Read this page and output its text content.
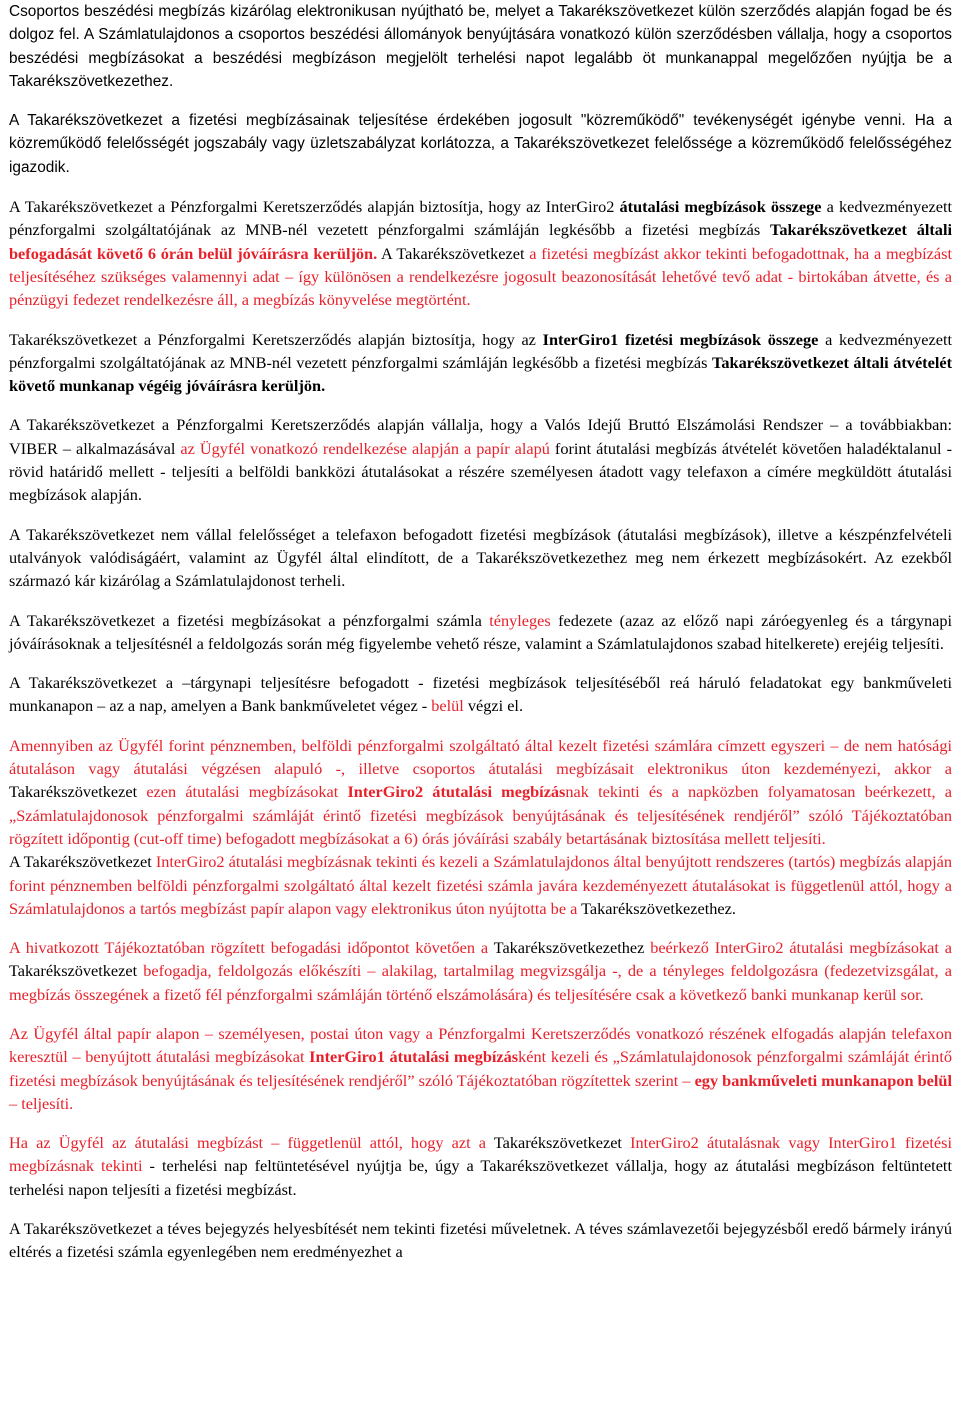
Csoportos beszédési megbízás kizárólag elektronikusan nyújtható be, melyet a Takarékszövetkezet külön szerződés alapján fogad be és dolgoz fel. A Számlatulajdonos a csoportos beszédési állományok benyújtására vonatkozó külön szerződésben vállalja, hogy a csoportos beszédési megbízásokat a beszédési megbízáson megjelölt terhelési napot legalább öt munkanappal megelőzően nyújtja be a Takarékszövetkezethez.

A Takarékszövetkezet a fizetési megbízásainak teljesítése érdekében jogosult "közreműködő" tevékenységét igénybe venni. Ha a közreműködő felelősségét jogszabály vagy üzletszabályzat korlátozza, a Takarékszövetkezet felelőssége a közreműködő felelősségéhez igazodik.

A Takarékszövetkezet a Pénzforgalmi Keretszerződés alapján biztosítja, hogy az InterGiro2 átutalási megbízások összege a kedvezményezett pénzforgalmi szolgáltatójának az MNB-nél vezetett pénzforgalmi számláján legkésőbb a fizetési megbízás Takarékszövetkezet általi befogadását követő 6 órán belül jóváírásra kerüljön. A Takarékszövetkezet a fizetési megbízást akkor tekinti befogadottnak, ha a megbízást teljesítéséhez szükséges valamennyi adat – így különösen a rendelkezésre jogosult beazonosítását lehetővé tevő adat - birtokában átvette, és a pénzügyi fedezet rendelkezésre áll, a megbízás könyvelése megtörtént.

Takarékszövetkezet a Pénzforgalmi Keretszerződés alapján biztosítja, hogy az InterGiro1 fizetési megbízások összege a kedvezményezett pénzforgalmi szolgáltatójának az MNB-nél vezetett pénzforgalmi számláján legkésőbb a fizetési megbízás Takarékszövetkezet általi átvételét követő munkanap végéig jóváírásra kerüljön.

A Takarékszövetkezet a Pénzforgalmi Keretszerződés alapján vállalja, hogy a Valós Idejű Bruttó Elszámolási Rendszer – a továbbiakban: VIBER – alkalmazásával az Ügyfél vonatkozó rendelkezése alapján a papír alapú forint átutalási megbízás átvételét követően haladéktalanul - rövid határidő mellett - teljesíti a belföldi bankközi átutalásokat a részére személyesen átadott vagy telefaxon a címére megküldött átutalási megbízások alapján.

A Takarékszövetkezet nem vállal felelősséget a telefaxon befogadott fizetési megbízások (átutalási megbízások), illetve a készpénzfelvételi utalványok valódiságáért, valamint az Ügyfél által elindított, de a Takarékszövetkezethez meg nem érkezett megbízásokért. Az ezekből származó kár kizárólag a Számlatulajdonost terheli.

A Takarékszövetkezet a fizetési megbízásokat a pénzforgalmi számla tényleges fedezete (azaz az előző napi záróegyenleg és a tárgynapi jóváírásoknak a teljesítésnél a feldolgozás során még figyelembe vehető része, valamint a Számlatulajdonos szabad hitelkerete) erejéig teljesíti.

A Takarékszövetkezet a –tárgynapi teljesítésre befogadott - fizetési megbízások teljesítéséből reá háruló feladatokat egy bankműveleti munkanapon – az a nap, amelyen a Bank bankműveletet végez - belül végzi el.

Amennyiben az Ügyfél forint pénznemben, belföldi pénzforgalmi szolgáltató által kezelt fizetési számlára címzett egyszeri – de nem hatósági átutaláson vagy átutalási végzésen alapuló -, illetve csoportos átutalási megbízásait elektronikus úton kezdeményezi, akkor a Takarékszövetkezet ezen átutalási megbízásokat InterGiro2 átutalási megbízásnak tekinti és a napközben folyamatosan beérkezett, a „Számlatulajdonosok pénzforgalmi számláját érintő fizetési megbízások benyújtásának és teljesítésének rendjéről” szóló Tájékoztatóban rögzített időpontig (cut-off time) befogadott megbízásokat a 6) órás jóváírási szabály betartásának biztosítása mellett teljesíti.

A Takarékszövetkezet InterGiro2 átutalási megbízásnak tekinti és kezeli a Számlatulajdonos által benyújtott rendszeres (tartós) megbízás alapján forint pénznemben belföldi pénzforgalmi szolgáltató által kezelt fizetési számla javára kezdeményezett átutalásokat is függetlenül attól, hogy a Számlatulajdonos a tartós megbízást papír alapon vagy elektronikus úton nyújtotta be a Takarékszövetkezethez.

A hivatkozott Tájékoztatóban rögzített befogadási időpontot követően a Takarékszövetkezethez beérkező InterGiro2 átutalási megbízásokat a Takarékszövetkezet befogadja, feldolgozás előkészíti – alakilag, tartalmilag megvizsgálja -, de a tényleges feldolgozásra (fedezetvizsgálat, a megbízás összegének a fizető fél pénzforgalmi számláján történő elszámolására) és teljesítésére csak a következő banki munkanap kerül sor.

Az Ügyfél által papír alapon – személyesen, postai úton vagy a Pénzforgalmi Keretszerződés vonatkozó részének elfogadás alapján telefaxon keresztül – benyújtott átutalási megbízásokat InterGiro1 átutalási megbízásként kezeli és „Számlatulajdonosok pénzforgalmi számláját érintő fizetési megbízások benyújtásának és teljesítésének rendjéről” szóló Tájékoztatóban rögzítettek szerint – egy bankműveleti munkanapon belül – teljesíti.

Ha az Ügyfél az átutalási megbízást – függetlenül attól, hogy azt a Takarékszövetkezet InterGiro2 átutalásnak vagy InterGiro1 fizetési megbízásnak tekinti - terhelési nap feltüntetésével nyújtja be, úgy a Takarékszövetkezet vállalja, hogy az átutalási megbízáson feltüntetett terhelési napon teljesíti a fizetési megbízást.

A Takarékszövetkezet a téves bejegyzés helyesbítését nem tekinti fizetési műveletnek. A téves számlavezetői bejegyzésből eredő bármely irányú eltérés a fizetési számla egyenlegében nem eredményezhet a
